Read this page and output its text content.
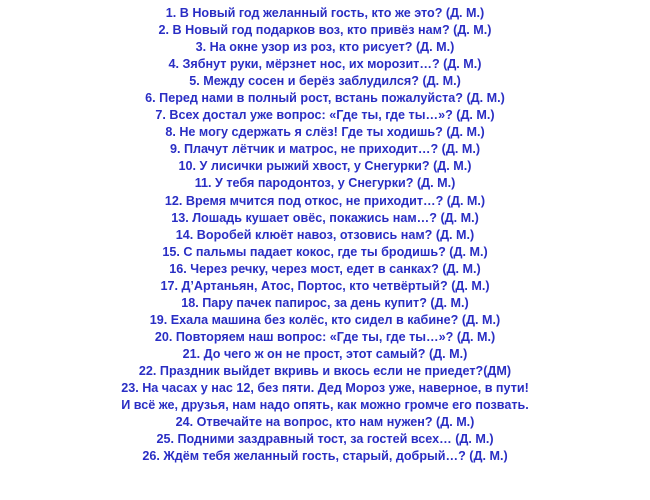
1. В Новый год желанный гость, кто же это? (Д. М.)
2. В Новый год подарков воз, кто привёз нам? (Д. М.)
3. На окне узор из роз, кто рисует? (Д. М.)
4. Зябнут руки, мёрзнет нос, их морозит…? (Д. М.)
5. Между сосен и берёз заблудился? (Д. М.)
6. Перед нами в полный рост, встань пожалуйста? (Д. М.)
7. Всех достал уже вопрос: «Где ты, где ты…»? (Д. М.)
8. Не могу сдержать я слёз! Где ты ходишь? (Д. М.)
9. Плачут лётчик и матрос, не приходит…? (Д. М.)
10. У лисички рыжий хвост, у Снегурки? (Д. М.)
11. У тебя пародонтоз, у Снегурки? (Д. М.)
12. Время мчится под откос, не приходит…? (Д. М.)
13. Лошадь кушает овёс, покажись нам…? (Д. М.)
14. Воробей клюёт навоз, отзовись нам? (Д. М.)
15. С пальмы падает кокос, где ты бродишь? (Д. М.)
16. Через речку, через мост, едет в санках? (Д. М.)
17. Д’Артаньян, Атос, Портос, кто четвёртый? (Д. М.)
18. Пару пачек папирос, за день купит? (Д. М.)
19. Ехала машина без колёс, кто сидел в кабине? (Д. М.)
20. Повторяем наш вопрос: «Где ты, где ты…»? (Д. М.)
21. До чего ж он не прост, этот самый? (Д. М.)
22. Праздник выйдет вкривь и вкось если не приедет?(ДМ)
23. На часах у нас 12, без пяти. Дед Мороз уже, наверное, в пути!
И всё же, друзья, нам надо опять, как можно громче его позвать.
24. Отвечайте на вопрос, кто нам нужен? (Д. М.)
25. Подними заздравный тост, за гостей всех… (Д. М.)
26. Ждём тебя желанный гость, старый, добрый…? (Д. М.)
